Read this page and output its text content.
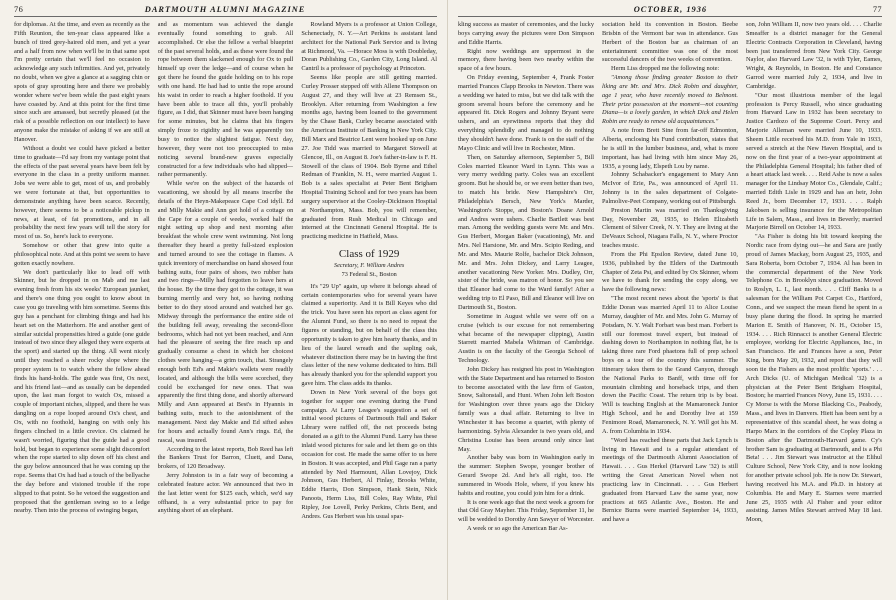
76	DARTMOUTH ALUMNI MAGAZINE

for diplomas. At the time, and even as recently as the Fifth Reunion, the ten-year class appeared like a bunch of tired grey-haired old men, and yet a year and a half from now when we'll be in that same spot I'm pretty certain that we'll feel no occasion to acknowledge any such infirmities. And yet, privately no doubt, when we give a glance at a sagging chin or spots of gray sprouting here and there we probably wonder where we've been while the past eight years have coasted by. And at this point for the first time since such are amassed, but secretly pleased (at the risk of a possible reflection on our intellect) to have anyone make the mistake of asking if we are still at Hanover.

Without a doubt we could have picked a better time to graduate—I'd say from my vantage point that the effects of the past several years have been felt by everyone in the class in a pretty uniform manner. Jobs we were able to get, most of us, and probably we were fortunate at that, but opportunities to demonstrate anything have been scarce. Recently, however, there seems to be a noticeable pickup in news, at least, of fat promotions, and in all probability the next few years will tell the story for most of us. So, here's luck to everyone.

Somehow or other that grew into quite a philosophical note. And at this point we seem to have gotten exactly nowhere.

We don't particularly like to lead off with Skinner, but he dropped in on Mab and me last evening fresh from his six weeks' European jaunket, and there's one thing you ought to know about in case you go traveling with him sometime. Seems this guy has a penchant for climbing things and had his heart set on the Matterhorn. He and another gent of similar suicidal propensities hired a guide (one guide instead of two since they alleged they were experts at the sport) and started up the thing. All went nicely until they reached a sheer rocky slope where the proper system is to watch where the fellow ahead finds his hand-holds. The guide was first, Ox next, and his friend last—and as usually can be depended upon, the last man forgot to watch Ox, missed a couple of important niches, slipped, and there he was dangling on a rope looped around Ox's chest, and Ox, with no foothold, hanging on with only his fingers clinched in a little crevice. Ox claimed he wasn't worried, figuring that the guide had a good hold, but began to experience some slight discomfort when the rope started to slip down off his chest and the guy below announced that he was coming up the rope. Seems that Ox had had a touch of the bellyache the day before and visioned trouble if the rope slipped to that point. So he vetoed the suggestion and proposed that the gentleman swing so to a ledge nearby. Then into the process of swinging began,

and as momentum was achieved the dangle eventually found something to grab. All accomplished. Or else the fellow a verbal blueprint of the past several holds, and as these were found the rope between them slackened enough for Ox to pull himself up over the ledge—and of course when he got there he found the guide holding on to his rope with one hand. He had had to untie the rope around his waist in order to reach a higher foothold. If you have been able to trace all this, you'll probably figure, as I did, that Skinner must have been hanging for some minutes, but he claims that his fingers simply froze to rigidity and he was apparently too busy to notice the slightest fatigue. Next day, however, they were not too preoccupied to miss noticing several brand-new graves especially constructed for a few individuals who had slipped—rather permanently.

While we're on the subject of the hazards of vacationing, we should by all means inscribe the details of the Heyn-Makepeace Cape Cod idyll. Ed and Milly Makie and Ann got hold of a cottage on the Cape for a couple of weeks, worked half the night setting up shop and next morning after breakfast the whole crew went swimming. Not long thereafter they heard a pretty full-sized explosion and turned around to see the cottage in flames. A quick inventory of merchandise on hand showed four bathing suits, four pairs of shoes, two rubber hats and two rings—Milly had forgotten to leave hers at the house. By the time they got to the cottage, it was burning merrily and very hot, so having nothing better to do they stood around and watched her go. Midway through the performance the entire side of the building fell away, revealing the second-floor bedrooms, which had not yet been reached, and Ann had the pleasure of seeing the fire reach up and gradually consume a chest in which her choicest clothes were hanging—a grim touch, that. Strangely enough both Ed's and Makie's wallets were readily located, and although the bills were scorched, they could be exchanged for new ones. That was apparently the first thing done, and shortly afterward Milly and Ann appeared at Best's in Hyannis in bathing suits, much to the astonishment of the management. Next day Makie and Ed sifted ashes for hours and actually found Ann's rings. Ed, the rascal, was insured.

According to the latest reports, Bob Reed has left the Bankers Trust for Barron, Cluett, and Dana, brokers, of 120 Broadway.

Jerry Johnston is in a fair way of becoming a celebrated feature actor. We announced that two in the last letter went for $125 each, which, we'd say offhand, is a very substantial price to pay for anything short of an elephant.

Rowland Myers is a professor at Union College, Schenectady, N. Y.—Art Perkins is assistant land architect for the National Park Service and is living at Richmond, Va. —Horace Moss is with Doubleday, Doran Publishing Co., Garden City, Long Island. Al Cantril is a professor of psychology at Princeton.

Seems like people are still getting married. Curley Prosser stepped off with Allene Thompson on August 27, and they will live at 23 Remsen St., Brooklyn. After returning from Washington a few months ago, having been loaned to the government by the Chase Bank, Curley became associated with the American Institute of Banking in New York City. Bill Marx and Beatrice Lent were hooked up on June 27. Joe Tidd was married to Margaret Stowell at Glencoe, Ill., on August 8. Joe's father-in-law is F. H. Stowell of the class of 1904. Bob Byrne and Ethel Redman of Franklin, N. H., were married August 1. Bob is a sales specialist at Peter Bent Brigham Hospital Training School and for two years has been surgery supervisor at the Cooley-Dickinson Hospital at Northampton, Mass. Bob, you will remember, graduated from Rush Medical in Chicago and interned at the Cincinnati General Hospital. He is practicing medicine in Hatfield, Mass.

Class of 1929

Secretary, F. William Andres

73 Federal St., Boston

It's "29 Up" again, up where it belongs ahead of certain contemporaries who for several years have claimed a superiority. And it is Bill Keyes who did the trick. You have seen his report as class agent for the Alumni Fund, so there is no need to repeat the figures or standing, but on behalf of the class this opportunity is taken to give him hearty thanks, and in lieu of the laurel wreath and the sapling oak, whatever distinction there may be in having the first class letter of the new volume dedicated to him. Bill has already thanked you for the splendid support you gave him. The class adds its thanks.

Down in New York several of the boys got together for supper one evening during the Fund campaign. At Larry Leagee's suggestion a set of initial wood pictures of Dartmouth Hall and Baker Library were raffled off, the net proceeds being donated as a gift to the Alumni Fund. Larry has these inlaid wood pictures for sale and let them go on this occasion for cost. He made the same offer to us here in Boston. It was accepted, and Phil Gage ran a party attended by Ned Harmount, Allan Lovejoy, Dick Johnson, Gus Herbert, Al Finlay, Brooks White, Eddie Harris, Don Simpson, Hank Stein, Nick Panoots, Herm Liss, Bill Coles, Ray White, Phil Ripley, Joe Lovell, Perky Perkins, Chris Bent, and Andres. Gus Herbert was his usual spar-

OCTOBER, 1936	77

kling success as master of ceremonies, and the lucky boys carrying away the pictures were Don Simpson and Eddie Harris.

Right now weddings are uppermost in the memory, there having been two nearby within the space of a few hours.

On Friday evening, September 4, Frank Foster married Frances Clapp Brooks in Newton. There was a wedding we hated to miss, but we did talk with the groom several hours before the ceremony and he appeared fit. Dick Rogers and Johnny Bryant were ushers, and an eyewitness reports that they did everything splendidly and managed to do nothing they shouldn't have done. Frank is on the staff of the Mayo Clinic and will live in Rochester, Minn.

Then, on Saturday afternoon, September 5, Bill Coles married Eleanor Ward in Lynn. This was a very merry wedding party. Coles was an excellent groom. But he should be, or we even better than two, to match his bride. New Hampshire's Orr, Philadelphia's Bersch, New York's Marder, Washington's Stoppe, and Boston's Doane Arnold and Andres were ushers. Charlie Bartlett was best man. Among the wedding guests were Mr. and Mrs. Gus Herbert, Morgan Baker (vacationing), Mr. and Mrs. Nel Harsione, Mr. and Mrs. Scipio Reding, and Mr. and Mrs. Maurie Rolfe, bachelor Dick Johnson, Mr. and Mrs. John Dickey, and Larry Leagee, another vacationing New Yorker. Mrs. Dudley, Orr, sister of the bride, was matron of honor. So you see that Eleanor had come to the Ward family! After a wedding trip to El Paso, Bill and Eleanor will live on Dartmouth St., Boston.

Sometime in August while we were off on a cruise (which is our excuse for not remembering what became of the newspaper clipping), Austin Starrett married Mabela Whitman of Cambridge. Austin is on the faculty of the Georgia School of Technology.

John Dickey has resigned his post in Washington with the State Department and has returned to Boston to become associated with the law firm of Gaston, Snow, Saltonstall, and Hunt. When John left Boston for Washington over three years ago the Dickey family was a dual affair. Returning to live in Winchester it has become a quartet, with plenty of harmonizing. Sylvia Alexander is two years old, and Christina Louise has been around only since last May.

Another baby was born in Washington early in the summer: Stephen Swope, younger brother of Gerard Swope 2d. And he's all right, too. He summered in Woods Hole, where, if you knew his habits and routine, you could join him for a drink.

It is one week ago that the next week a groom for that Old Gray Mayher. This Friday, September 11, he will be wedded to Dorothy Ann Sawyer of Worcester.

A week or so ago the American Bar As-

sociation held its convention in Boston. Beebe Brisbin of the Vermont bar was in attendance. Gus Herbert of the Boston bar as chairman of an entertainment committee was one of the most successful dancers of the two weeks of convention.

Herm Liss dropped me the following note:

"Among those finding greater Boston to their liking are Mr. and Mrs. Dick Robin and daughter, age 1 year, who have recently moved to Belmont. Their prize possession at the moment—not counting Diana—is a lovely garden, in which Dick and Helen Robin are ready to renew old acquaintances."

A note from Brett Sine from far-off Edmonton, Alberta, enclosing his Fund contribution, states that he is still in the lumber business, and, what is more important, has had living with him since May 26, 1935, a young lady, Elspeth Lou by name.

Johnny Schabacker's engagement to Mary Ann McIvor of Erie, Pa., was announced of April 11. Johnny is in the sales department of Colgate-Palmolive-Peet Company, working out of Pittsburgh.

Preston Martin was married on Thanksgiving Day, November 28, 1935, to Helen Elizabeth Clement of Silver Creek, N. Y. They are living at the DeVeaux School, Niagara Falls, N. Y., where Proctor teaches music.

From the Phi Epsilon Review, dated June 10, 1936, published by the Elders of the Dartmouth Chapter of Zeta Psi, and edited by Ox Skinner, whom we have to thank for sending the copy along, we have the following news:

"The most recent news about the 'sports' is that Eddie Doran was married April 11 to Alice Louise Murray, daughter of Mr. and Mrs. John G. Murray of Potsdam, N. Y. Walt Forbart was best man. Forbert is still our foremost travel expert, but instead of dashing down to Northampton in nothing flat, he is taking three rare Ford phaetons full of prep school boys on a tour of the country this summer. The itinerary takes them to the Grand Canyon, through the National Parks to Banff, with time off for mountain climbing and horseback trips, and then down the Pacific Coast. The return trip is by boat. Will is teaching English at the Mamaroneck Junior High School, and he and Dorothy live at 159 Fenimore Road, Mamaroneck, N. Y. Will got his M. A. from Columbia in 1934.

"Word has reached these parts that Jack Lynch is living in Hawaii and is a regular attendant of meetings of the Dartmouth Alumni Association of Hawaii. . . . Gus Herkel (Harvard Law '32) is still writing the Great American Novel when not practicing law in Cincinnati. . . . Gus Herbert graduated from Harvard Law the same year, now practices at 665 Atlantic Ave., Boston. He and Bernice Burns were married September 14, 1933, and have a

son, John William II, now two years old. . . . Charlie Smeaffer is a district manager for the General Electric Contracts Corporation in Cleveland, having been just transferred from New York City. George Naylor, also Harvard Law '32, is with Tyler, Eames, Wright, & Reynolds, in Boston. He and Constance Garrod were married July 2, 1934, and live in Cambridge.

"Our most illustrious member of the legal profession is Percy Russell, who since graduating from Harvard Law in 1932 has been secretary to Justice Cardozo of the Supreme Court. Percy and Marjorie Alleman were married June 10, 1933. Sheem Little received his M.D. from Yale in 1933, served a stretch at the New Haven Hospital, and is now on the first year of a two-year appointment at the Philadelphia General Hospital; his father died of a heart attack last week. . . . Reid Ashe is now a sales manager for the Lindsay Motor Co., Glendale, Calif.; married Edith Lisle in 1929 and has an heir, John Reed Jr., born December 17, 1931. . . . Ralph Jakobsen is selling insurance for the Metropolitan Life in Salem, Mass., and lives in Beverly; married Marjorie Birrell on October 14, 1933.

"As Fisher is doing his bit toward keeping the Nordic race from dying out—he and Sara are justly proud of James Mackay, born August 25, 1935, and Sara Roberta, born October 7, 1934. Al has been in the commercial department of the New York Telephone Co. in Brooklyn since graduation. Moved to Roslyn, L. I., last month. . . . Cliff Banks is a salesman for the William Pot Carpet Co., Hartford, Conn., and we suspect the mean fiend he spent in a busy plane during the flood. In spring he married Marion E. Smith of Hanover, N. H., October 15, 1934. . . . Rich Rinnacci is another General Electric employee, working for Electric Appliances, Inc., in San Francisco. He and Frances have a son, Peter King, born May 20, 1932, and report that they will soon tie the Fishers as the most prolific 'sports.' . . . Arch Dicks (U. of Michigan Medical '32) is a physician at the Peter Bent Brigham Hospital, Boston; he married Frances Novy, June 15, 1931. . . . Cy Morse is with the Morse Blacking Co., Peabody, Mass., and lives in Danvers. Hiett has been sent by a representative of this scandal sheet, he was doing a Harpo Marx in the corridors of the Copley Plaza in Boston after the Dartmouth-Harvard game. Cy's brother Sam is graduating at Dartmouth, and is a Phi Beta! . . . Jim Stewart was instructor at the Elihul Culture School, New York City, and is now looking for another private school job. He is now Dr. Stewart, having received his M.A. and Ph.D. in history at Columbia. He and Mary E. Starnes were married June 25, 1935 with Al Fisher and your editor assisting. James Miles Stewart arrived May 18 last. Moon,
